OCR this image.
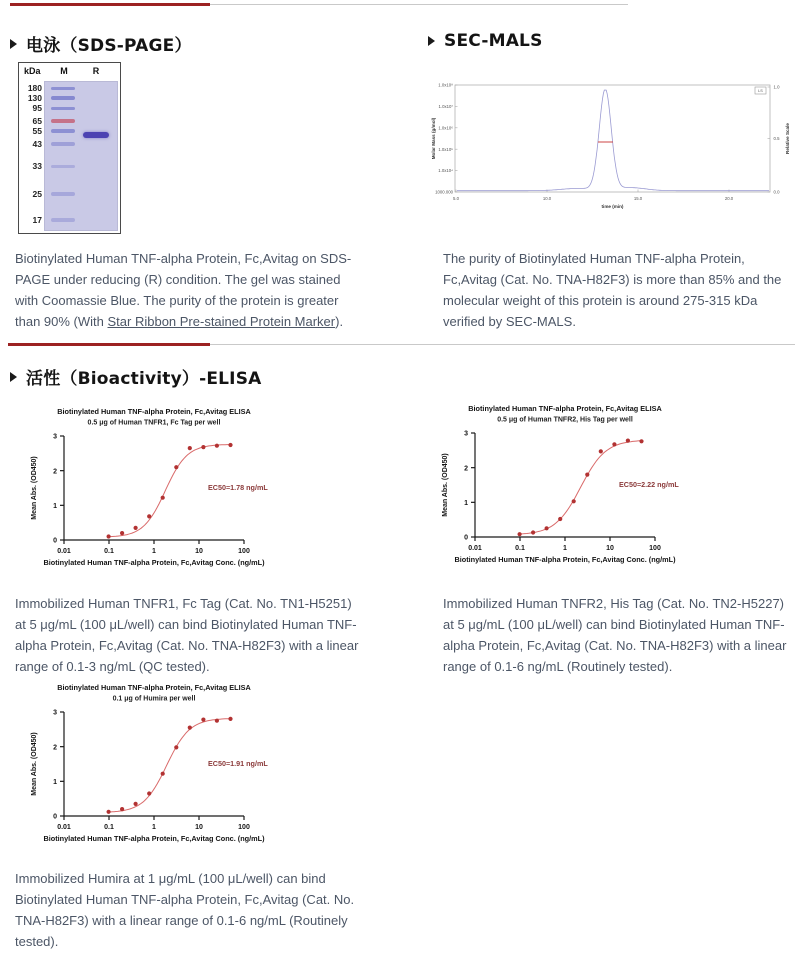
电泳（SDS-PAGE）
kDa	M	R
180
130
95
65
55
43
33
25
17

Biotinylated Human TNF-alpha Protein, Fc,Avitag on SDS-PAGE under reducing (R) condition. The gel was stained with Coomassie Blue. The purity of the protein is greater than 90% (With Star Ribbon Pre-stained Protein Marker).

SEC-MALS
1.0x10⁸
1.0x10⁷
1.0x10⁶
1.0x10⁵
1.0x10⁴
1000.000
1.0
0.5
0.0
5.0	10.0	15.0	20.0
time (min)
Molar Mass (g/mol)	Relative Scale
LS

The purity of Biotinylated Human TNF-alpha Protein, Fc,Avitag (Cat. No. TNA-H82F3) is more than 85% and the molecular weight of this protein is around 275-315 kDa verified by SEC-MALS.

活性（Bioactivity）-ELISA
0
1
2
3
0.01	0.1	1	10	100
Biotinylated Human TNF-alpha Protein, Fc,Avitag ELISA
0.5 μg of Human TNFR1, Fc Tag per well
Biotinylated Human TNF-alpha Protein, Fc,Avitag Conc. (ng/mL)
Mean Abs. (OD450)	EC50=1.78 ng/mL
0
1
2
3
0.01	0.1	1	10	100
Biotinylated Human TNF-alpha Protein, Fc,Avitag ELISA
0.5 μg of Human TNFR2, His Tag per well
Biotinylated Human TNF-alpha Protein, Fc,Avitag Conc. (ng/mL)
Mean Abs. (OD450)	EC50=2.22 ng/mL
0
1
2
3
0.01	0.1	1	10	100
Biotinylated Human TNF-alpha Protein, Fc,Avitag ELISA
0.1 μg of Humira per well
Biotinylated Human TNF-alpha Protein, Fc,Avitag Conc. (ng/mL)
Mean Abs. (OD450)	EC50=1.91 ng/mL

Immobilized Human TNFR1, Fc Tag (Cat. No. TN1-H5251) at 5 μg/mL (100 μL/well) can bind Biotinylated Human TNF-alpha Protein, Fc,Avitag (Cat. No. TNA-H82F3) with a linear range of 0.1-3 ng/mL (QC tested).

Immobilized Human TNFR2, His Tag (Cat. No. TN2-H5227) at 5 μg/mL (100 μL/well) can bind Biotinylated Human TNF-alpha Protein, Fc,Avitag (Cat. No. TNA-H82F3) with a linear range of 0.1-6 ng/mL (Routinely tested).

Immobilized Humira at 1 μg/mL (100 μL/well) can bind Biotinylated Human TNF-alpha Protein, Fc,Avitag (Cat. No. TNA-H82F3) with a linear range of 0.1-6 ng/mL (Routinely tested).
